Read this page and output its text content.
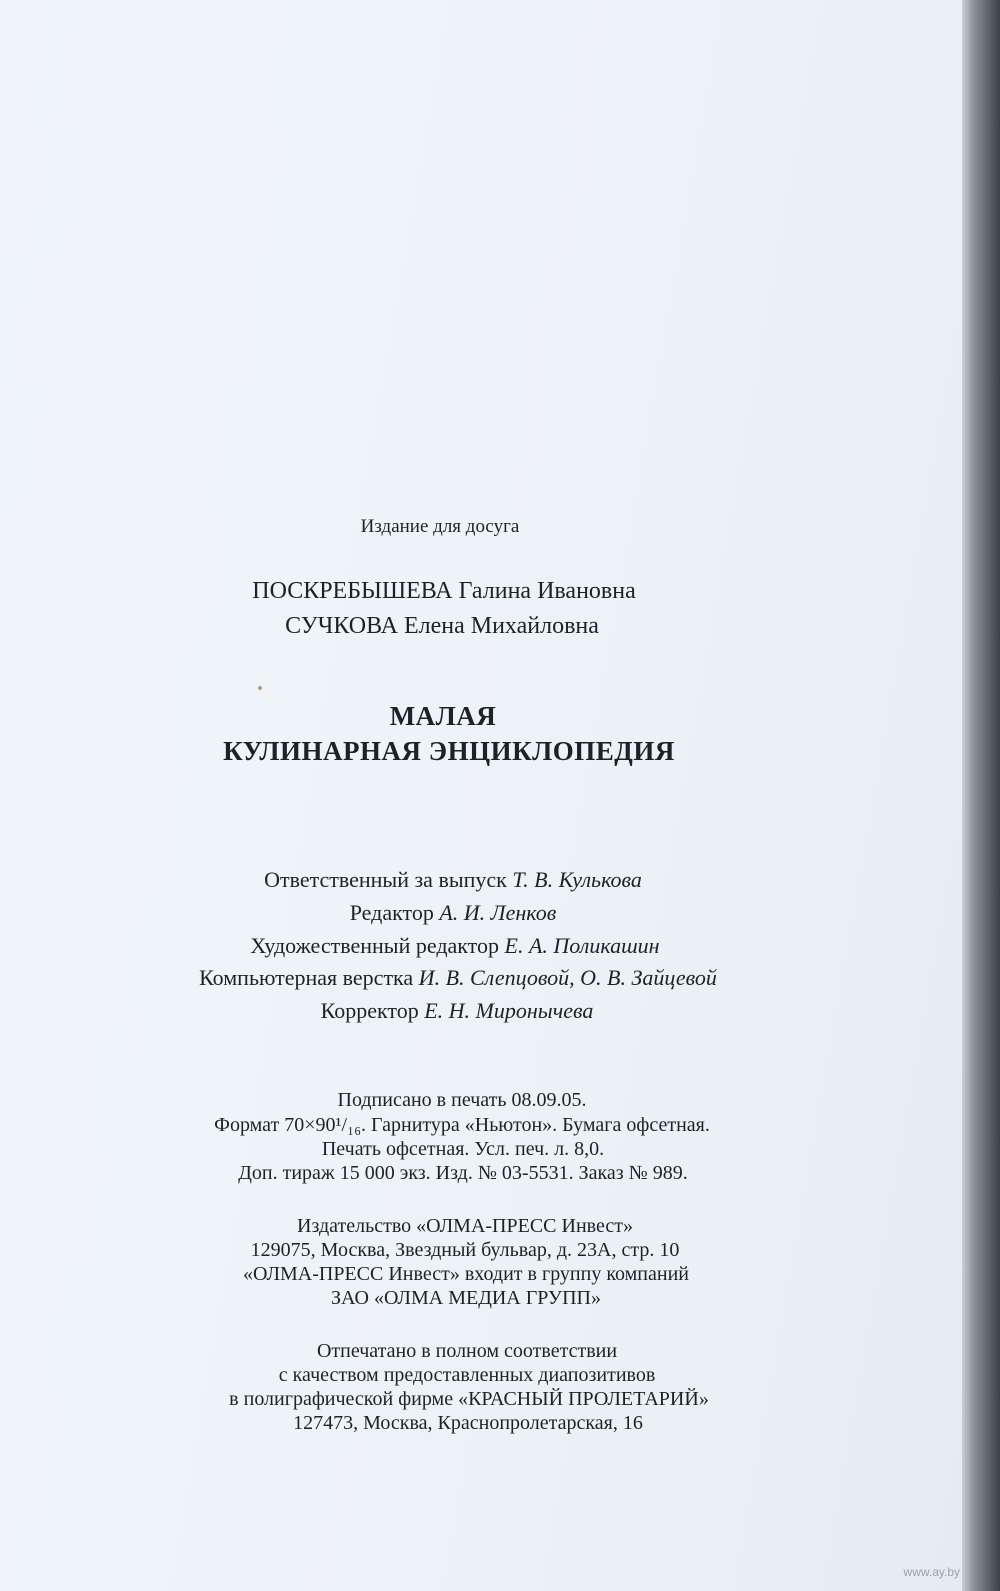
Издание для досуга
ПОСКРЕБЫШЕВА Галина Ивановна
СУЧКОВА Елена Михайловна
МАЛАЯ
КУЛИНАРНАЯ ЭНЦИКЛОПЕДИЯ
Ответственный за выпуск Т. В. Кулькова
Редактор А. И. Ленков
Художественный редактор Е. А. Поликашин
Компьютерная верстка И. В. Слепцовой, О. В. Зайцевой
Корректор Е. Н. Мироныч​ева
Подписано в печать 08.09.05.
Формат 70×90¹/₁₆. Гарнитура «Ньютон». Бумага офсетная.
Печать офсетная. Усл. печ. л. 8,0.
Доп. тираж 15 000 экз. Изд. № 03-5531. Заказ № 989.
Издательство «ОЛМА-ПРЕСС Инвест»
129075, Москва, Звездный бульвар, д. 23А, стр. 10
«ОЛМА-ПРЕСС Инвест» входит в группу компаний
ЗАО «ОЛМА МЕДИА ГРУПП»
Отпечатано в полном соответствии
с качеством предоставленных диапозитивов
в полиграфической фирме «КРАСНЫЙ ПРОЛЕТАРИЙ»
127473, Москва, Краснопролетарская, 16
www.ay.by
